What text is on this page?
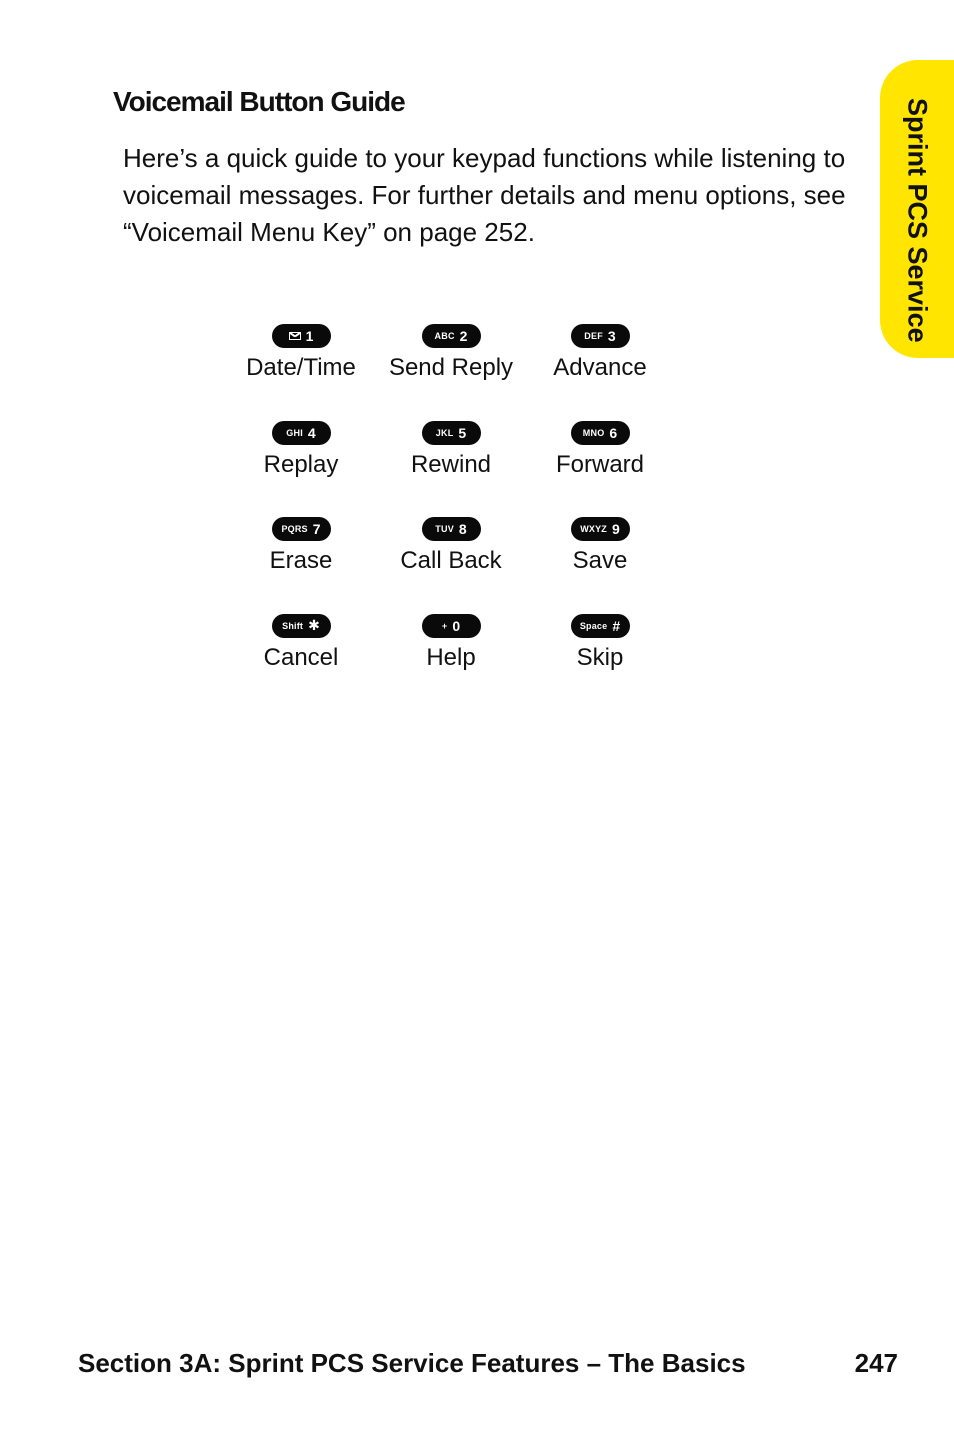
Sprint PCS Service
Voicemail Button Guide

Here’s a quick guide to your keypad functions while listening to voicemail messages. For further details and menu options, see “Voicemail Menu Key” on page 252.

1
Date/Time
ABC 2
Send Reply
DEF 3
Advance
GHI 4
Replay
JKL 5
Rewind
MNO 6
Forward
PQRS 7
Erase
TUV 8
Call Back
WXYZ 9
Save
Shift ✱
Cancel
+ 0
Help
Space #
Skip
Section 3A: Sprint PCS Service Features – The Basics	247
